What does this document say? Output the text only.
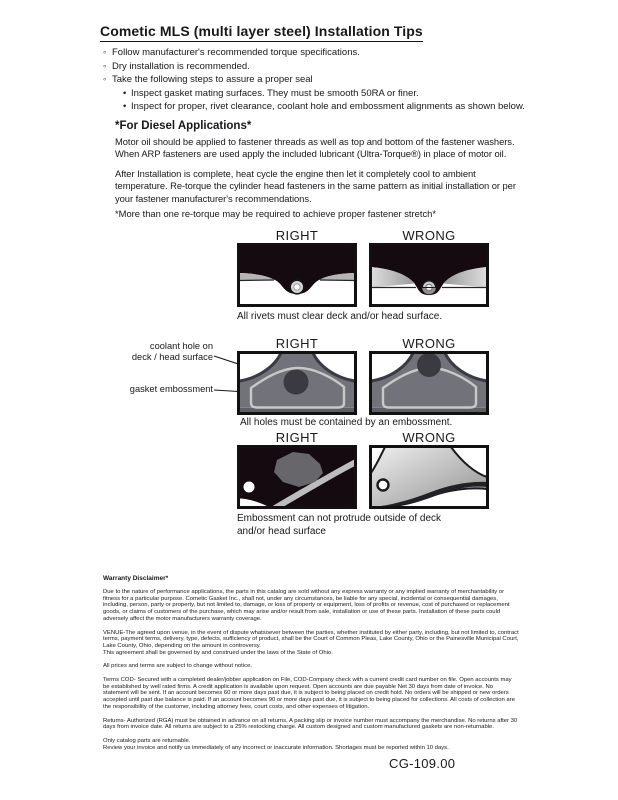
Cometic MLS (multi layer steel) Installation Tips
◦ Follow manufacturer's recommended torque specifications.
◦ Dry installation is recommended.
◦ Take the following steps to assure a proper seal
• Inspect gasket mating surfaces. They must be smooth 50RA or finer.
• Inspect for proper, rivet clearance, coolant hole and embossment alignments as shown below.
*For Diesel Applications*
Motor oil should be applied to fastener threads as well as top and bottom of the fastener washers. When ARP fasteners are used apply the included lubricant (Ultra-Torque®) in place of motor oil.
After Installation is complete, heat cycle the engine then let it completely cool to ambient temperature. Re-torque the cylinder head fasteners in the same pattern as initial installation or per your fastener manufacturer's recommendations.
*More than one re-torque may be required to achieve proper fastener stretch*
RIGHT	WRONG
All rivets must clear deck and/or head surface.
coolant hole on
deck / head surface
gasket embossment
RIGHT	WRONG
All holes must be contained by an embossment.
RIGHT	WRONG
Embossment can not protrude outside of deck
and/or head surface
Warranty Disclaimer*

Due to the nature of performance applications, the parts in this catalog are sold without any express warranty or any implied warranty of merchantability or fitness for a particular purpose. Cometic Gasket Inc., shall not, under any circumstances, be liable for any special, incidental or consequential damages, including, person, party or property, but not limited to, damage, or loss of property or equipment, loss of profits or revenue, cost of purchased or replacement goods, or claims of customers of the purchase, which may arise and/or result from sale, installation or use of these parts. Installation of these parts could adversely affect the motor manufacturers warranty coverage.

VENUE-The agreed upon venue, in the event of dispute whatsoever between the parties, whether instituted by either party, including, but not limited to, contract terms, payment terms, delivery, type, defects, sufficiency of product, shall be the Court of Common Pleas, Lake County, Ohio or the Painesville Municipal Court, Lake County, Ohio, depending on the amount in controversy.

This agreement shall be governed by and construed under the laws of the State of Ohio.

All prices and terms are subject to change without notice.

Terms COD- Secured with a completed dealer/jobber application on File, COD-Company check with a current credit card number on file. Open accounts may be established by well rated firms. A credit application is available upon request. Open accounts are due payable Net 30 days from date of invoice. No statement will be sent. If an account becomes 60 or more days past due, it is subject to being placed on credit hold. No orders will be shipped or new orders accepted until past due balance is paid. If an account becomes 90 or more days past due, it is subject to being placed for collections. All costs of collection are the responsibility of the customer, including attorney fees, court costs, and other expenses of litigation.

Returns- Authorized (RGA) must be obtained in advance on all returns. A packing slip or invoice number must accompany the merchandise. No returns after 30 days from invoice date. All returns are subject to a 25% restocking charge. All custom designed and custom manufactured gaskets are non-returnable.

Only catalog parts are returnable.

Review your invoice and notify us immediately of any incorrect or inaccurate information. Shortages must be reported within 10 days.

CG-109.00
